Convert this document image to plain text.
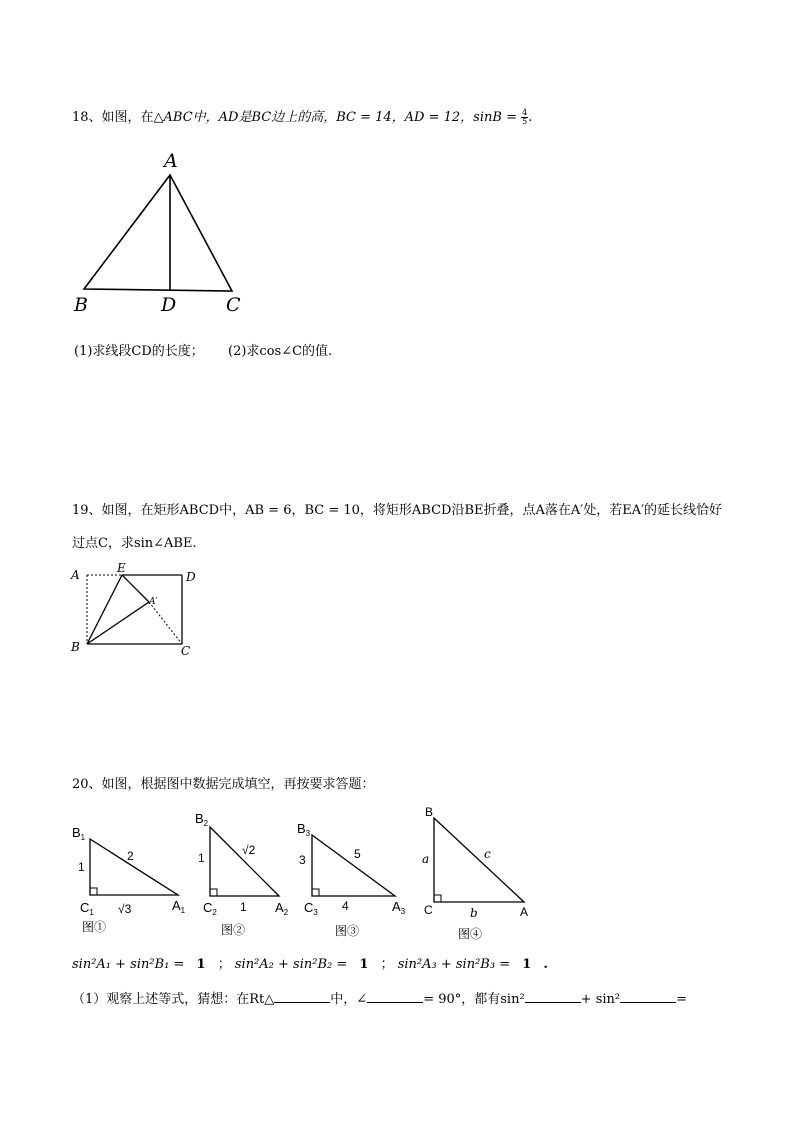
18、如图，在△ABC中，AD是BC边上的高，BC = 14，AD = 12，$\sin B = \frac{4}{5}$ .
A
B	D	C
(1)求线段CD的长度； (2)求cos∠C的值.
19、如图，在矩形ABCD中，AB = 6，BC = 10，将矩形ABCD沿BE折叠，点A落在A′处，若EA′的延长线恰好
过点C，求sin∠ABE.
A	E
D
A′
B	C
20、如图，根据图中数据完成填空，再按要求答题：
$B_1$
$C_1$	$A_1$
1
2
√3
图①
$B_2$
$C_2$	$A_2$
1
√2
1
图②
$B_3$
$C_3$	$A_3$
3	5
4
图③
B
C	A
a	c
b
图④
sin²A₁ + sin²B₁ = 1 ； sin²A₂ + sin²B₂ = 1 ； sin²A₃ + sin²B₃ = 1 .
（1）观察上述等式，猜想：在Rt△	中，∠	= 90°，都有sin²	+ sin²	=
